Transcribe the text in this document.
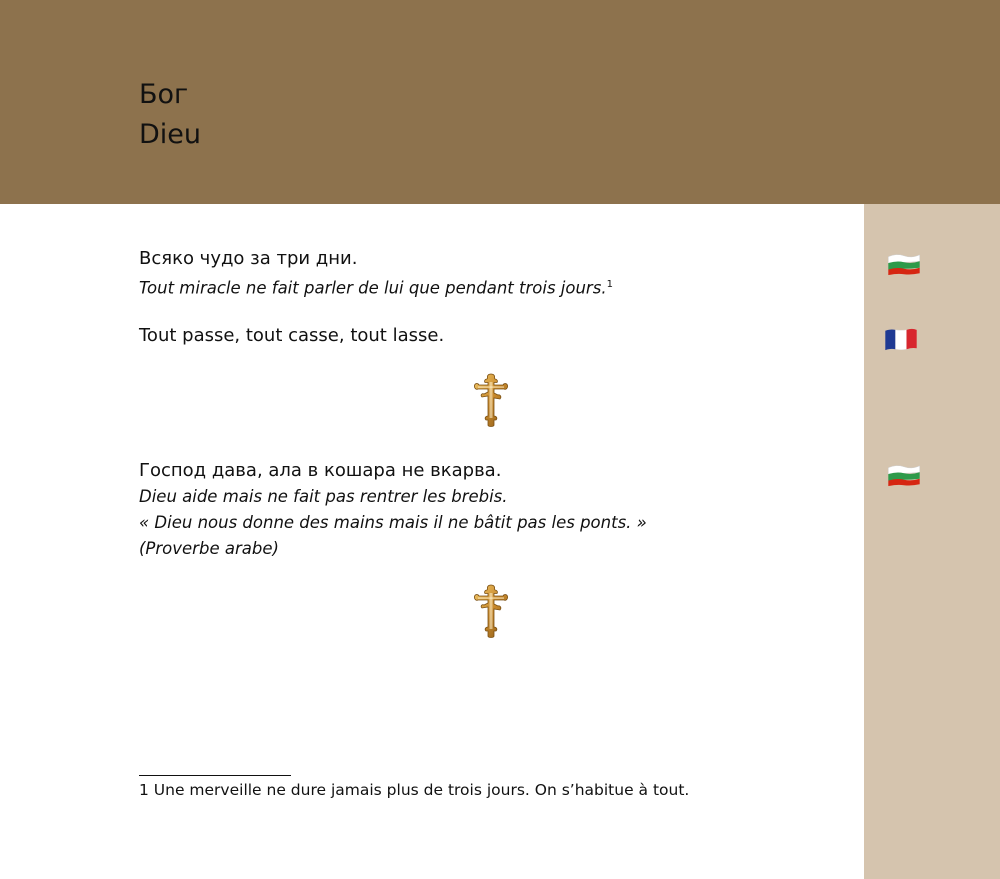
Бог
Dieu
Всяко чудо за три дни.
Tout miracle ne fait parler de lui que pendant trois jours.$^1$
Tout passe, tout casse, tout lasse.
Господ дава, ала в кошара не вкарва.
Dieu aide mais ne fait pas rentrer les brebis.
« Dieu nous donne des mains mais il ne bâtit pas les ponts. »
(Proverbe arabe)
1 Une merveille ne dure jamais plus de trois jours. On s’habitue à tout.
